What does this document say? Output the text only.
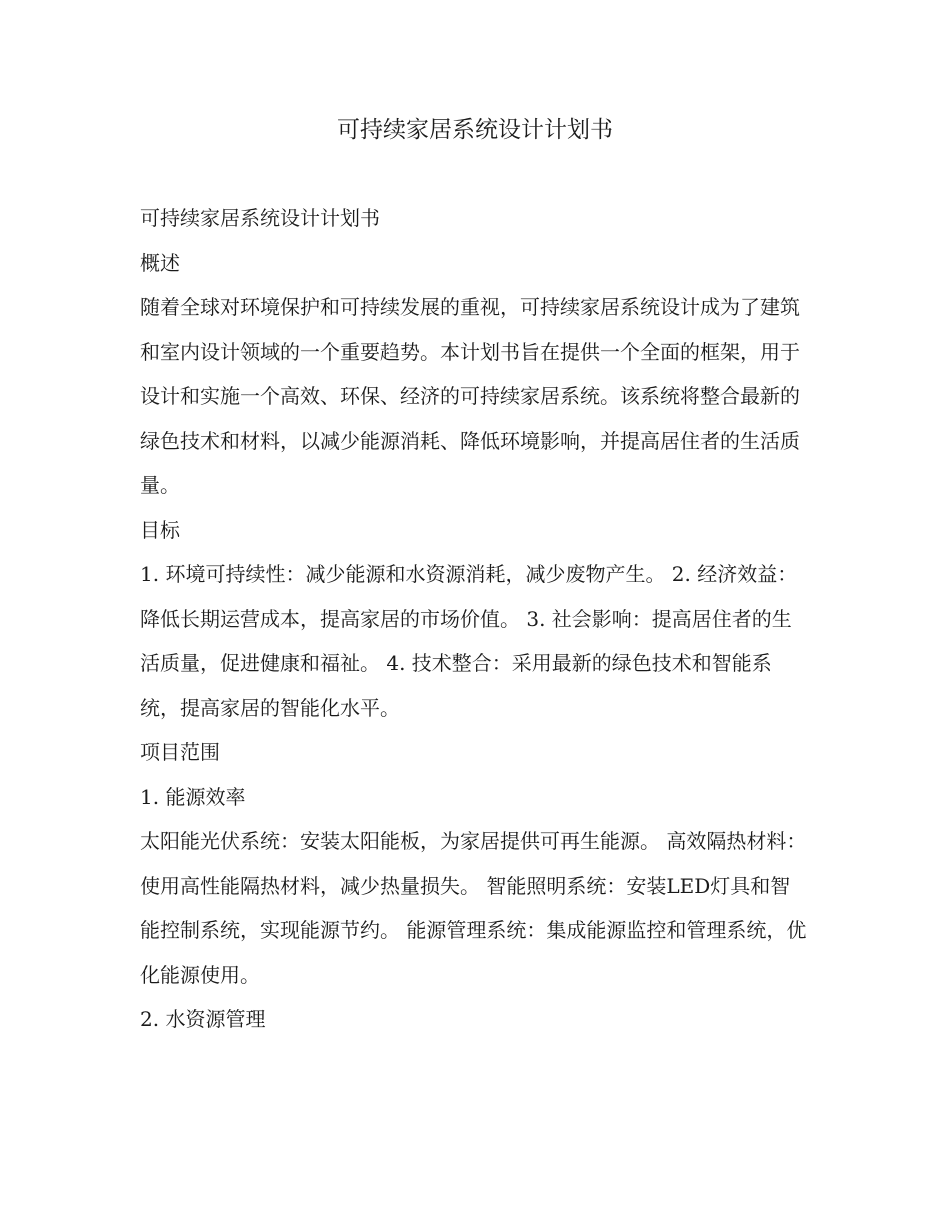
可持续家居系统设计计划书

可持续家居系统设计计划书

概述

随着全球对环境保护和可持续发展的重视，可持续家居系统设计成为了建筑和室内设计领域的一个重要趋势。本计划书旨在提供一个全面的框架，用于设计和实施一个高效、环保、经济的可持续家居系统。该系统将整合最新的绿色技术和材料，以减少能源消耗、降低环境影响，并提高居住者的生活质量。

目标

1. 环境可持续性：减少能源和水资源消耗，减少废物产生。 2. 经济效益：降低长期运营成本，提高家居的市场价值。 3. 社会影响：提高居住者的生活质量，促进健康和福祉。 4. 技术整合：采用最新的绿色技术和智能系统，提高家居的智能化水平。

项目范围

1. 能源效率

太阳能光伏系统：安装太阳能板，为家居提供可再生能源。 高效隔热材料：使用高性能隔热材料，减少热量损失。 智能照明系统：安装LED灯具和智能控制系统，实现能源节约。 能源管理系统：集成能源监控和管理系统，优化能源使用。

2. 水资源管理
